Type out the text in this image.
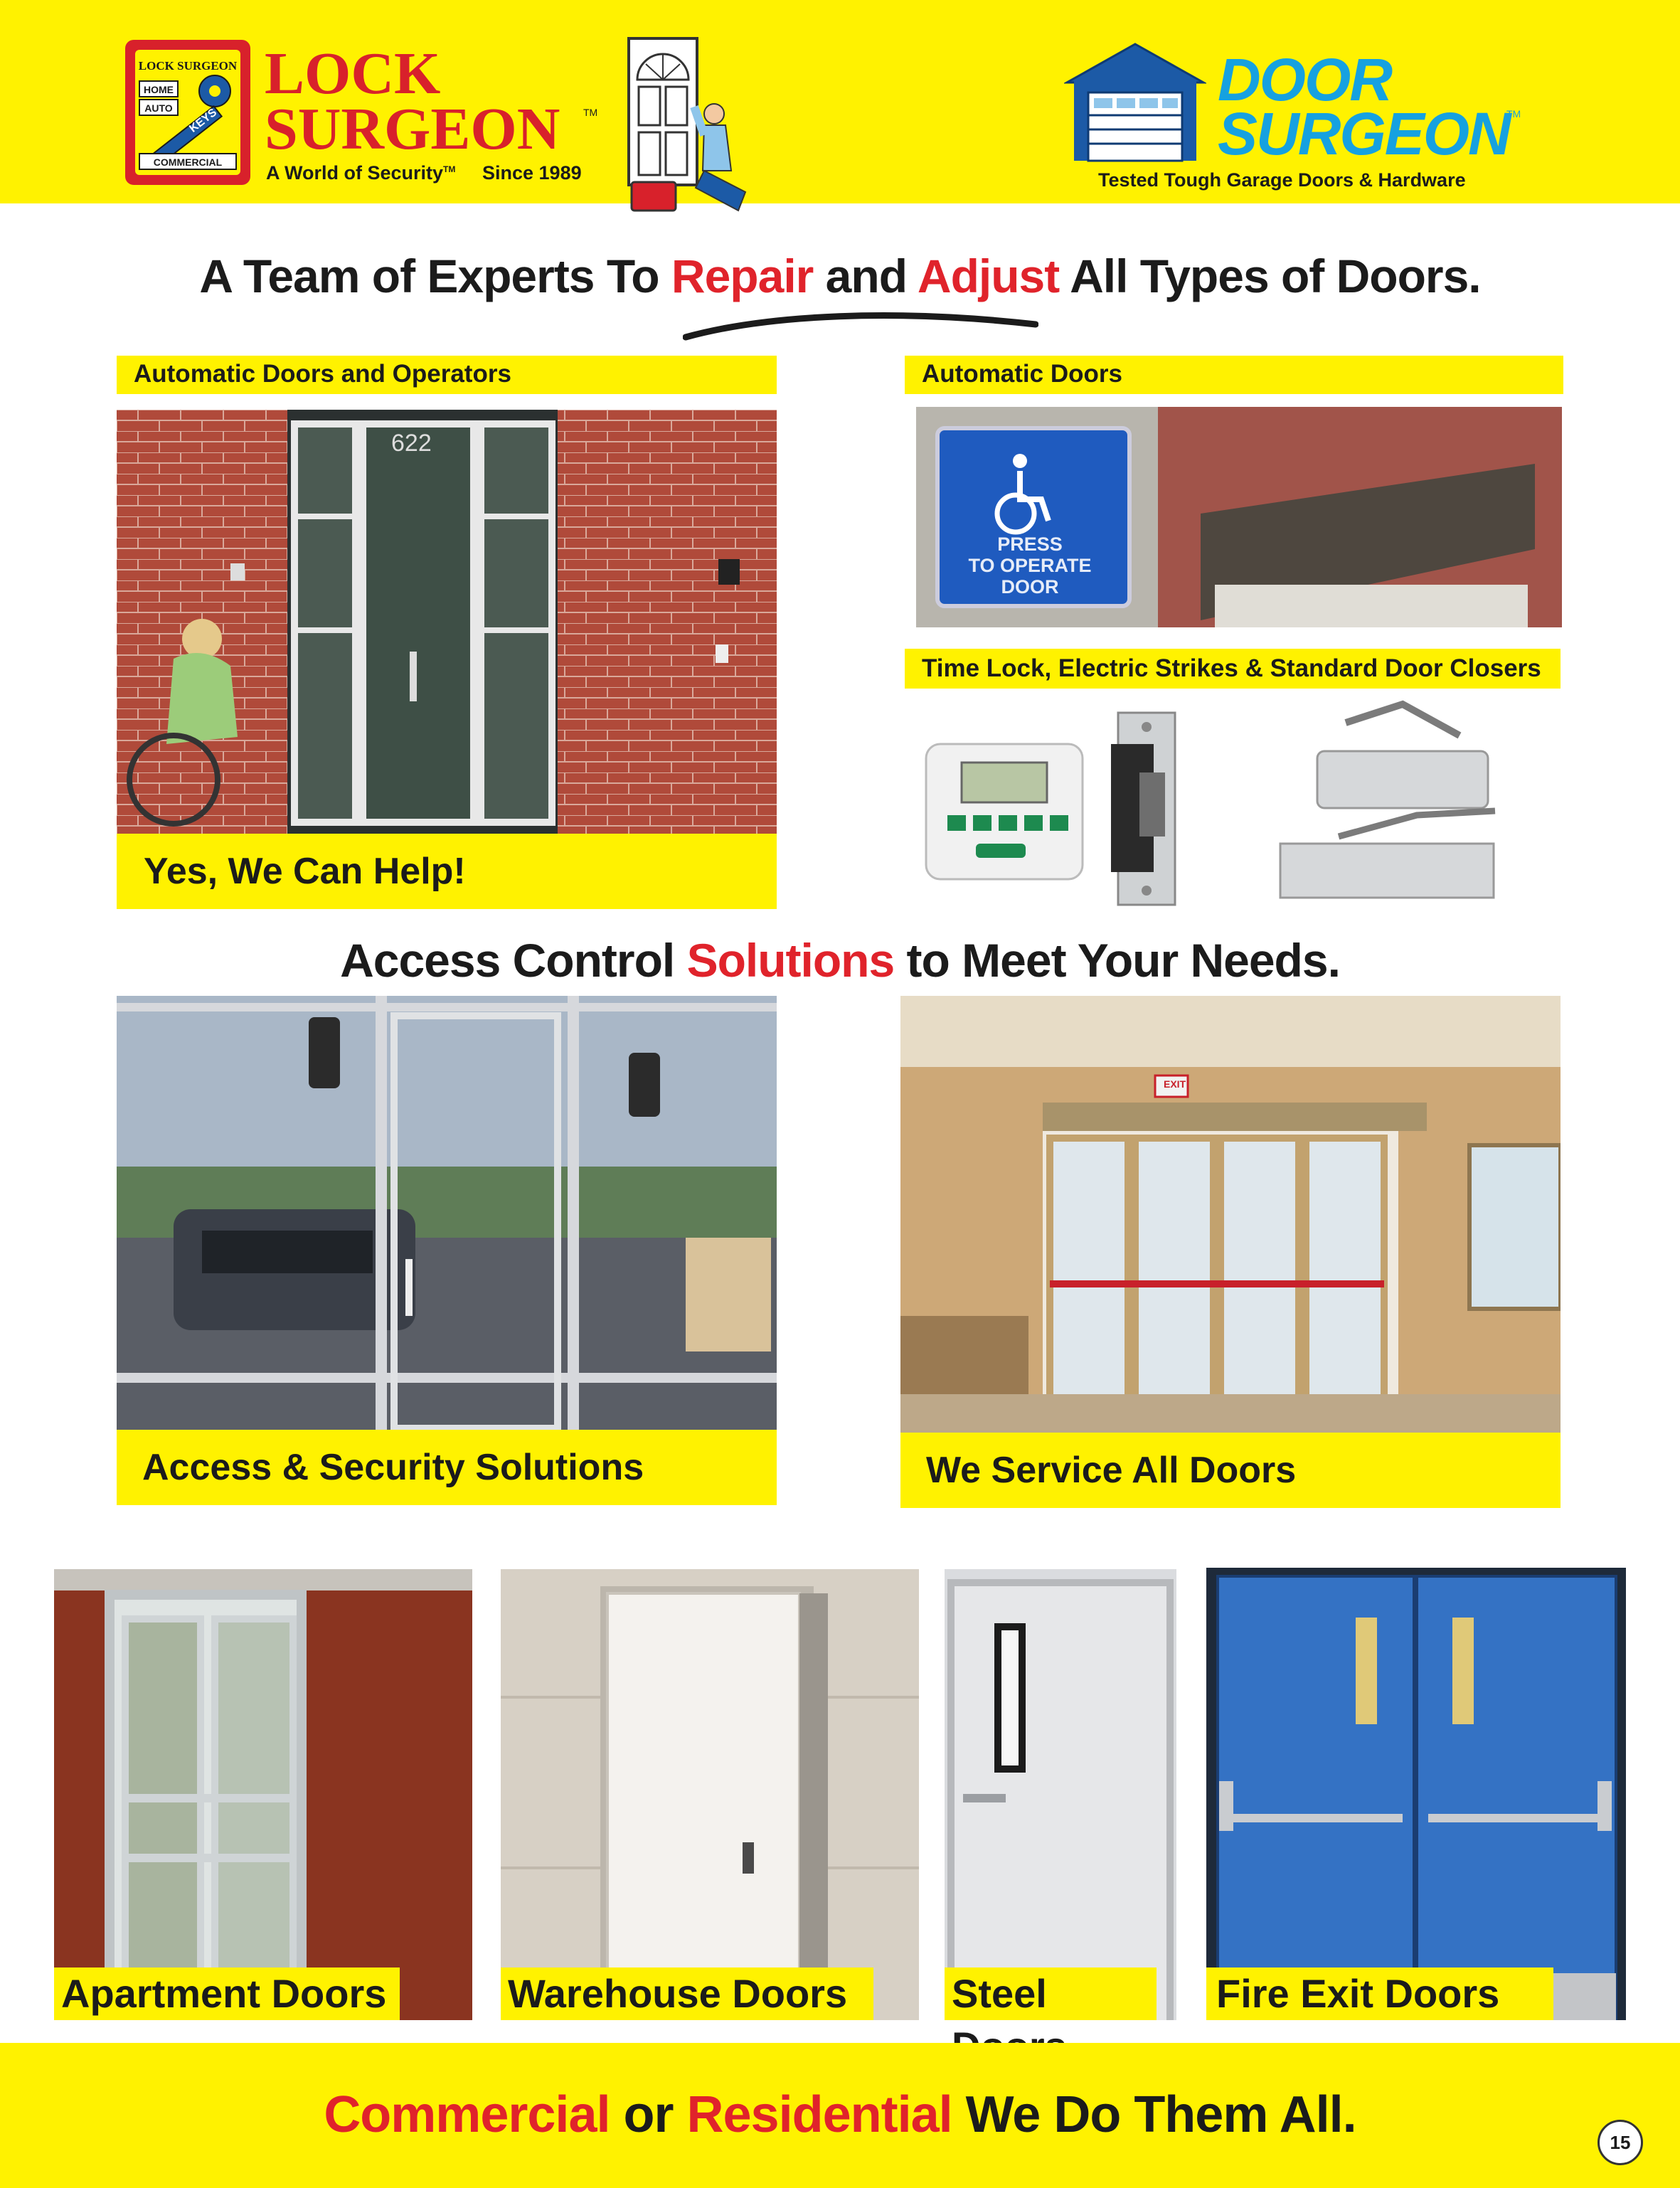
LOCK SURGEON
HOME
AUTO KEYS
COMMERCIAL
LOCK
SURGEON TM
A World of Security™ Since 1989
DOOR
SURGEON
TM
Tested Tough Garage Doors & Hardware
A Team of Experts To Repair and Adjust All Types of Doors.
Automatic Doors and Operators
622
Yes, We Can Help!
Automatic Doors
PRESS
TO OPERATE
DOOR
Time Lock, Electric Strikes & Standard Door Closers
Access Control Solutions to Meet Your Needs.
Access & Security Solutions
EXIT
We Service All Doors
Apartment Doors	Warehouse Doors	Steel	Fire Exit Doors
Commercial or Residential We Do Them All.	15
